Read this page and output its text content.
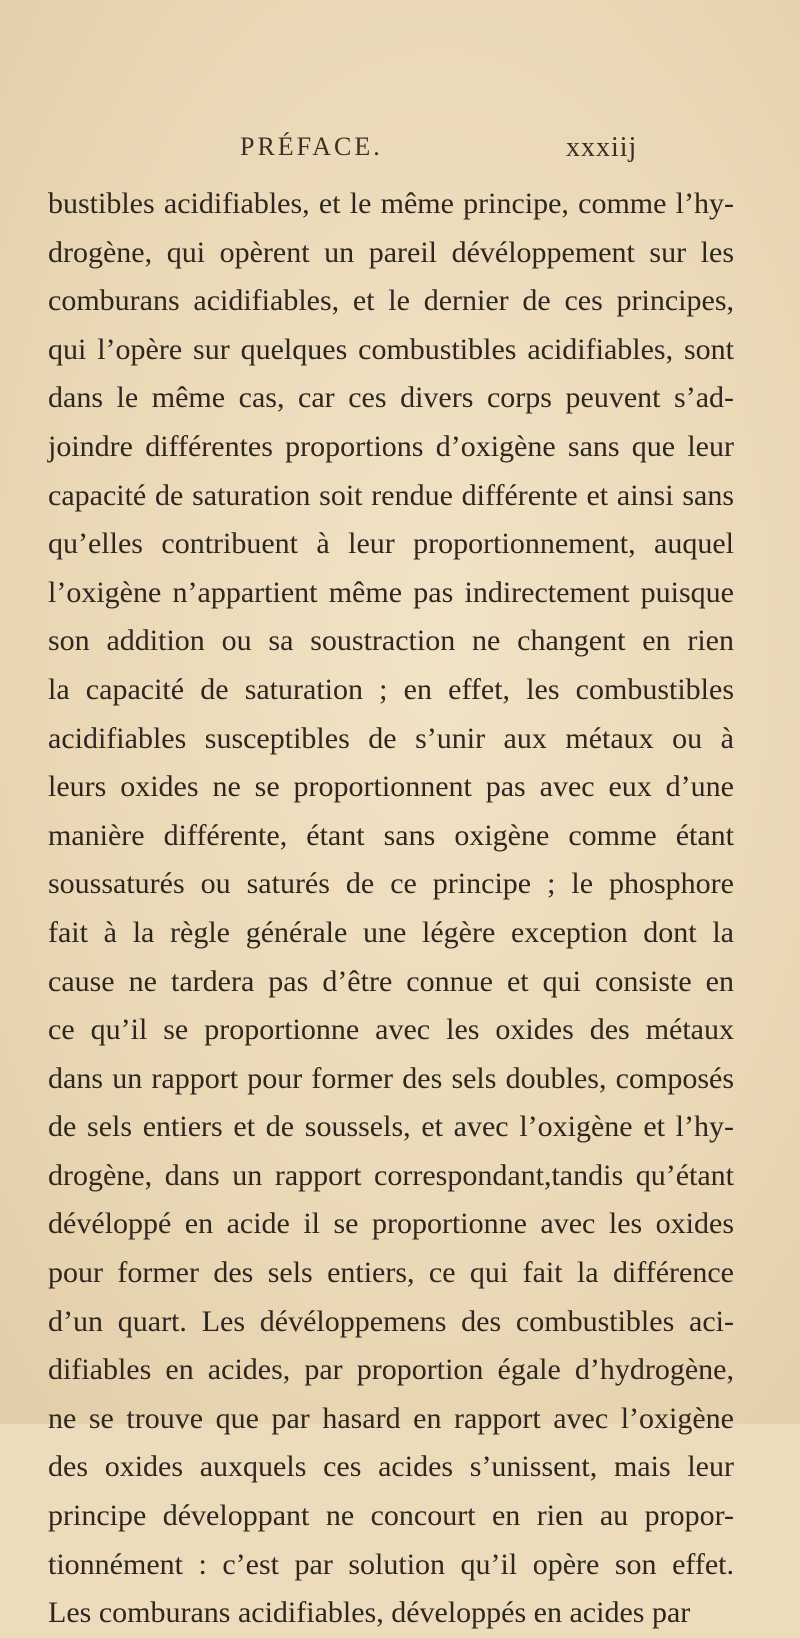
PRÉFACE.	xxxiij
bustibles acidifiables, et le même principe, comme l’hy-
drogène, qui opèrent un pareil dévéloppement sur les
comburans acidifiables, et le dernier de ces principes,
qui l’opère sur quelques combustibles acidifiables, sont
dans le même cas, car ces divers corps peuvent s’ad-
joindre différentes proportions d’oxigène sans que leur
capacité de saturation soit rendue différente et ainsi sans
qu’elles contribuent à leur proportionnement, auquel
l’oxigène n’appartient même pas indirectement puisque
son addition ou sa soustraction ne changent en rien
la capacité de saturation ; en effet, les combustibles
acidifiables susceptibles de s’unir aux métaux ou à
leurs oxides ne se proportionnent pas avec eux d’une
manière différente, étant sans oxigène comme étant
soussaturés ou saturés de ce principe ; le phosphore
fait à la règle générale une légère exception dont la
cause ne tardera pas d’être connue et qui consiste en
ce qu’il se proportionne avec les oxides des métaux
dans un rapport pour former des sels doubles, composés
de sels entiers et de soussels, et avec l’oxigène et l’hy-
drogène, dans un rapport correspondant,tandis qu’étant
dévéloppé en acide il se proportionne avec les oxides
pour former des sels entiers, ce qui fait la différence
d’un quart. Les dévéloppemens des combustibles aci-
difiables en acides, par proportion égale d’hydrogène,
ne se trouve que par hasard en rapport avec l’oxigène
des oxides auxquels ces acides s’unissent, mais leur
principe développant ne concourt en rien au propor-
tionnément : c’est par solution qu’il opère son effet.
Les comburans acidifiables, développés en acides par
